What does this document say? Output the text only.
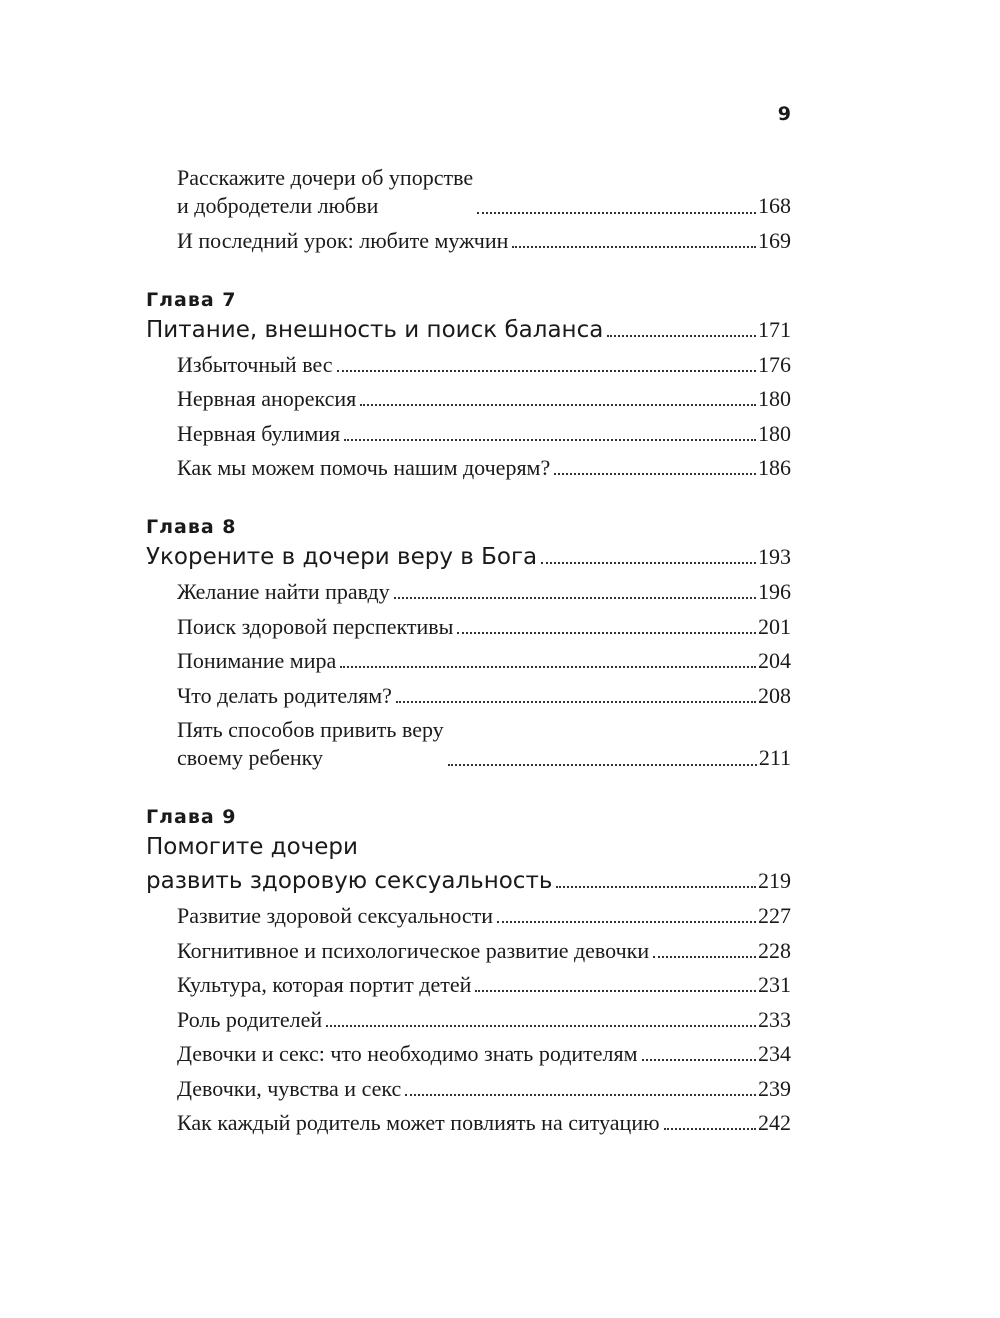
9
Расскажите дочери об упорстве
и добродетели любви	168
И последний урок: любите мужчин	169
Глава 7
Питание, внешность и поиск баланса	171
Избыточный вес	176
Нервная анорексия	180
Нервная булимия	180
Как мы можем помочь нашим дочерям?	186
Глава 8
Укорените в дочери веру в Бога	193
Желание найти правду	196
Поиск здоровой перспективы	201
Понимание мира	204
Что делать родителям?	208
Пять способов привить веру
своему ребенку	211
Глава 9
Помогите дочери
развить здоровую сексуальность	219
Развитие здоровой сексуальности	227
Когнитивное и психологическое развитие девочки	228
Культура, которая портит детей	231
Роль родителей	233
Девочки и секс: что необходимо знать родителям	234
Девочки, чувства и секс	239
Как каждый родитель может повлиять на ситуацию	242
